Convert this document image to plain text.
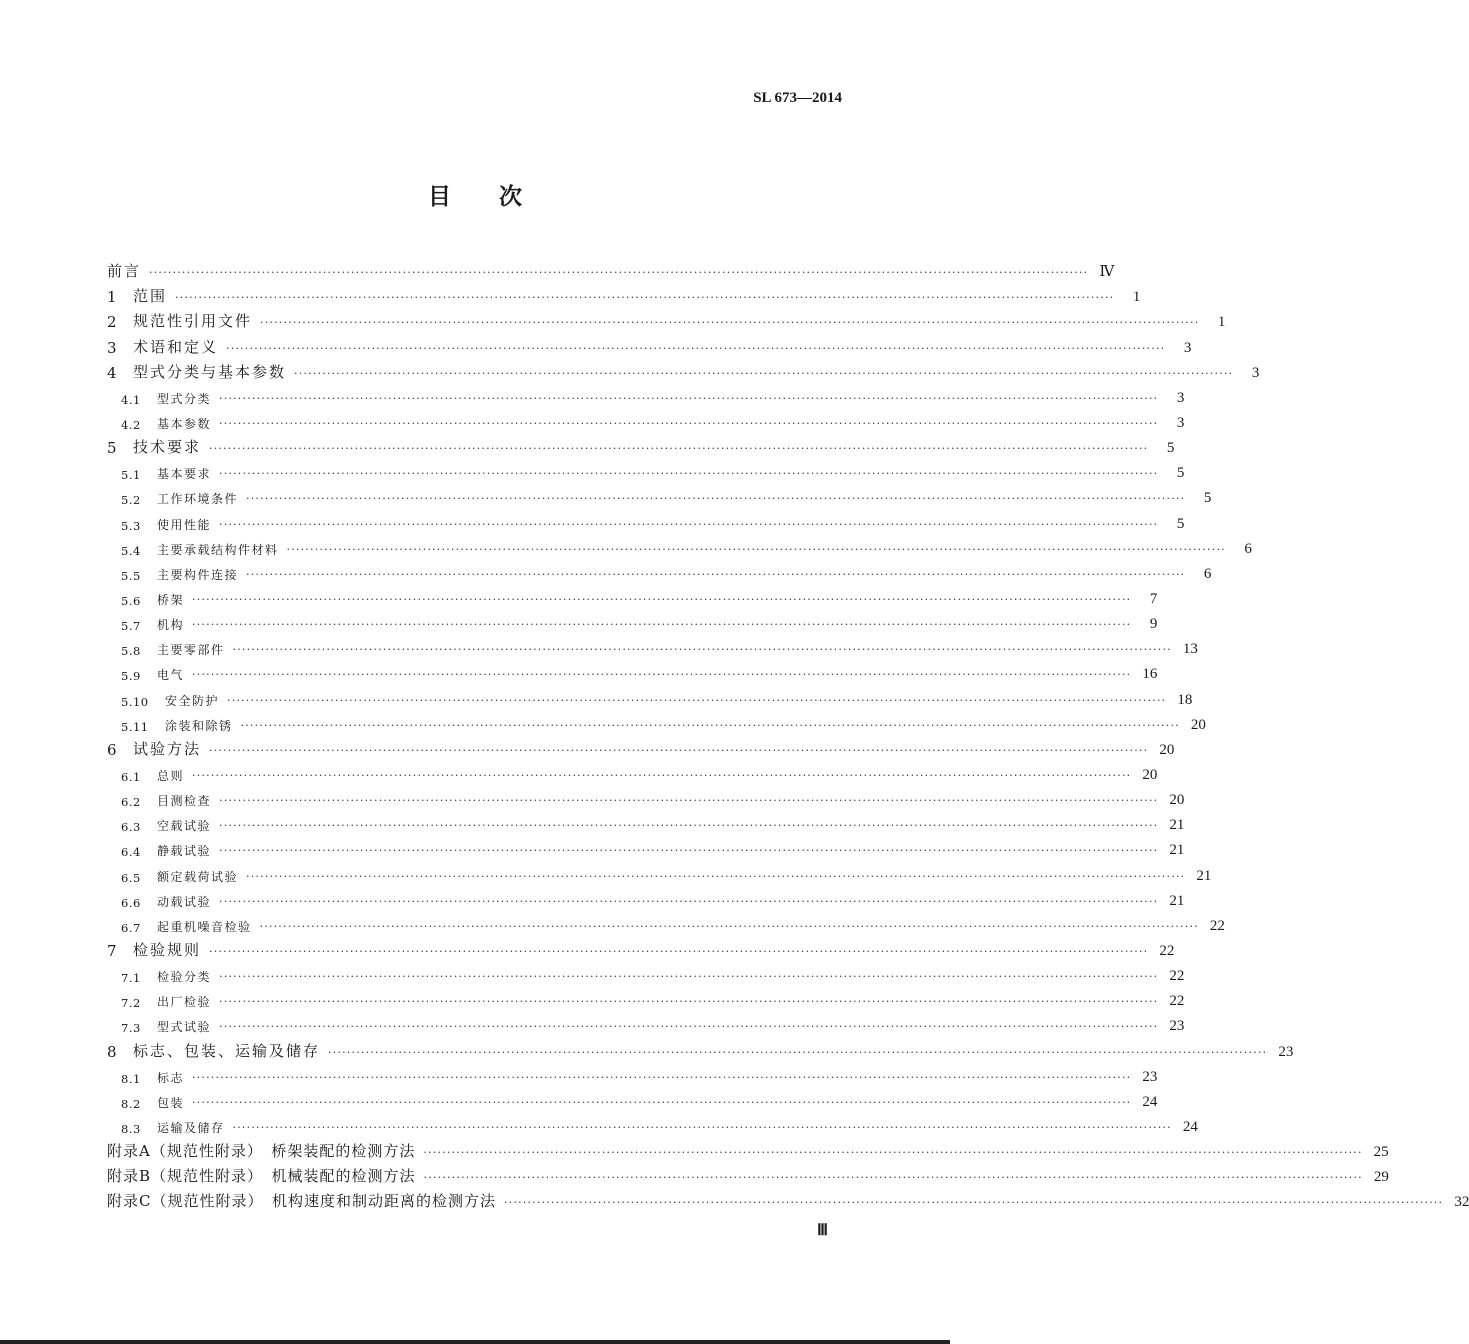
SL 673—2014
目次
前言 ········································································································································································································ Ⅳ
1	范围 ········································································································································································································	1
2	规范性引用文件 ········································································································································································································	1
3	术语和定义 ········································································································································································································	3
4	型式分类与基本参数 ········································································································································································································	3
4.1	型式分类 ········································································································································································································	3
4.2	基本参数 ········································································································································································································	3
5	技术要求 ········································································································································································································	5
5.1	基本要求 ········································································································································································································	5
5.2	工作环境条件 ········································································································································································································	5
5.3	使用性能 ········································································································································································································	5
5.4	主要承载结构件材料 ········································································································································································································	6
5.5	主要构件连接 ········································································································································································································	6
5.6	桥架 ········································································································································································································	7
5.7	机构 ········································································································································································································	9
5.8	主要零部件 ········································································································································································································ 13
5.9	电气 ········································································································································································································ 16
5.10	安全防护 ········································································································································································································ 18
5.11	涂装和除锈 ········································································································································································································ 20
6	试验方法 ········································································································································································································ 20
6.1	总则 ········································································································································································································ 20
6.2	目测检查 ········································································································································································································ 20
6.3	空载试验 ········································································································································································································ 21
6.4	静载试验 ········································································································································································································ 21
6.5	额定载荷试验 ········································································································································································································ 21
6.6	动载试验 ········································································································································································································ 21
6.7	起重机噪音检验 ········································································································································································································ 22
7	检验规则 ········································································································································································································ 22
7.1	检验分类 ········································································································································································································ 22
7.2	出厂检验 ········································································································································································································ 22
7.3	型式试验 ········································································································································································································ 23
8	标志、包装、运输及储存 ········································································································································································································ 23
8.1	标志 ········································································································································································································ 23
8.2	包装 ········································································································································································································ 24
8.3	运输及储存 ········································································································································································································ 24
附录A（规范性附录）　桥架装配的检测方法 ········································································································································································································ 25
附录B（规范性附录）　机械装配的检测方法 ········································································································································································································ 29
附录C（规范性附录）　机构速度和制动距离的检测方法 ········································································································································································································ 32
Ⅲ
